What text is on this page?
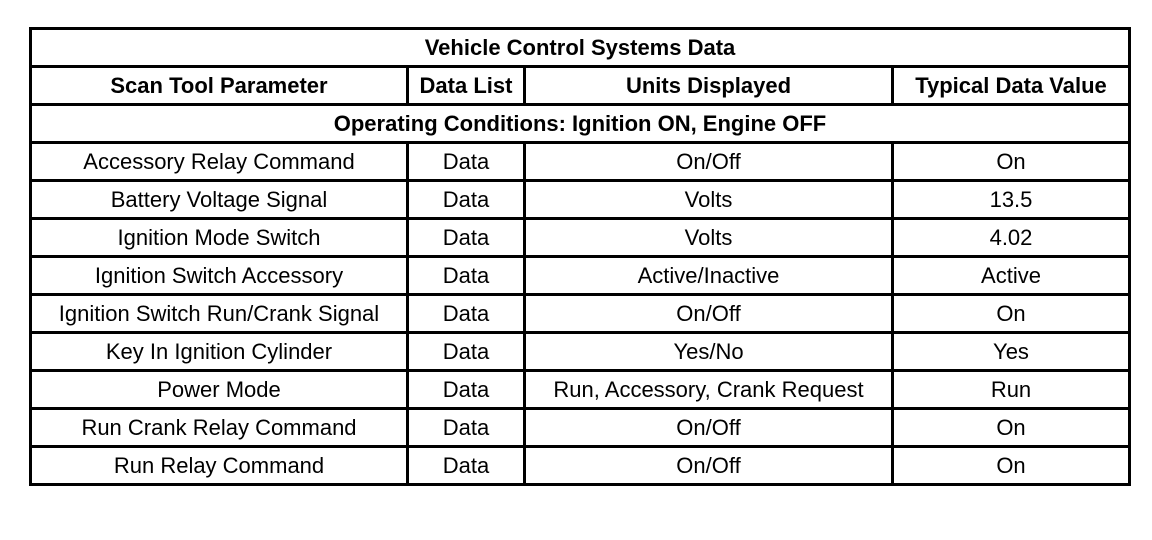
Vehicle Control Systems Data			
Scan Tool Parameter	Data List	Units Displayed	Typical Data Value
Operating Conditions: Ignition ON, Engine OFF			
Accessory Relay Command	Data	On/Off	On
Battery Voltage Signal	Data	Volts	13.5
Ignition Mode Switch	Data	Volts	4.02
Ignition Switch Accessory	Data	Active/Inactive	Active
Ignition Switch Run/Crank Signal	Data	On/Off	On
Key In Ignition Cylinder	Data	Yes/No	Yes
Power Mode	Data	Run, Accessory, Crank Request	Run
Run Crank Relay Command	Data	On/Off	On
Run Relay Command	Data	On/Off	On
